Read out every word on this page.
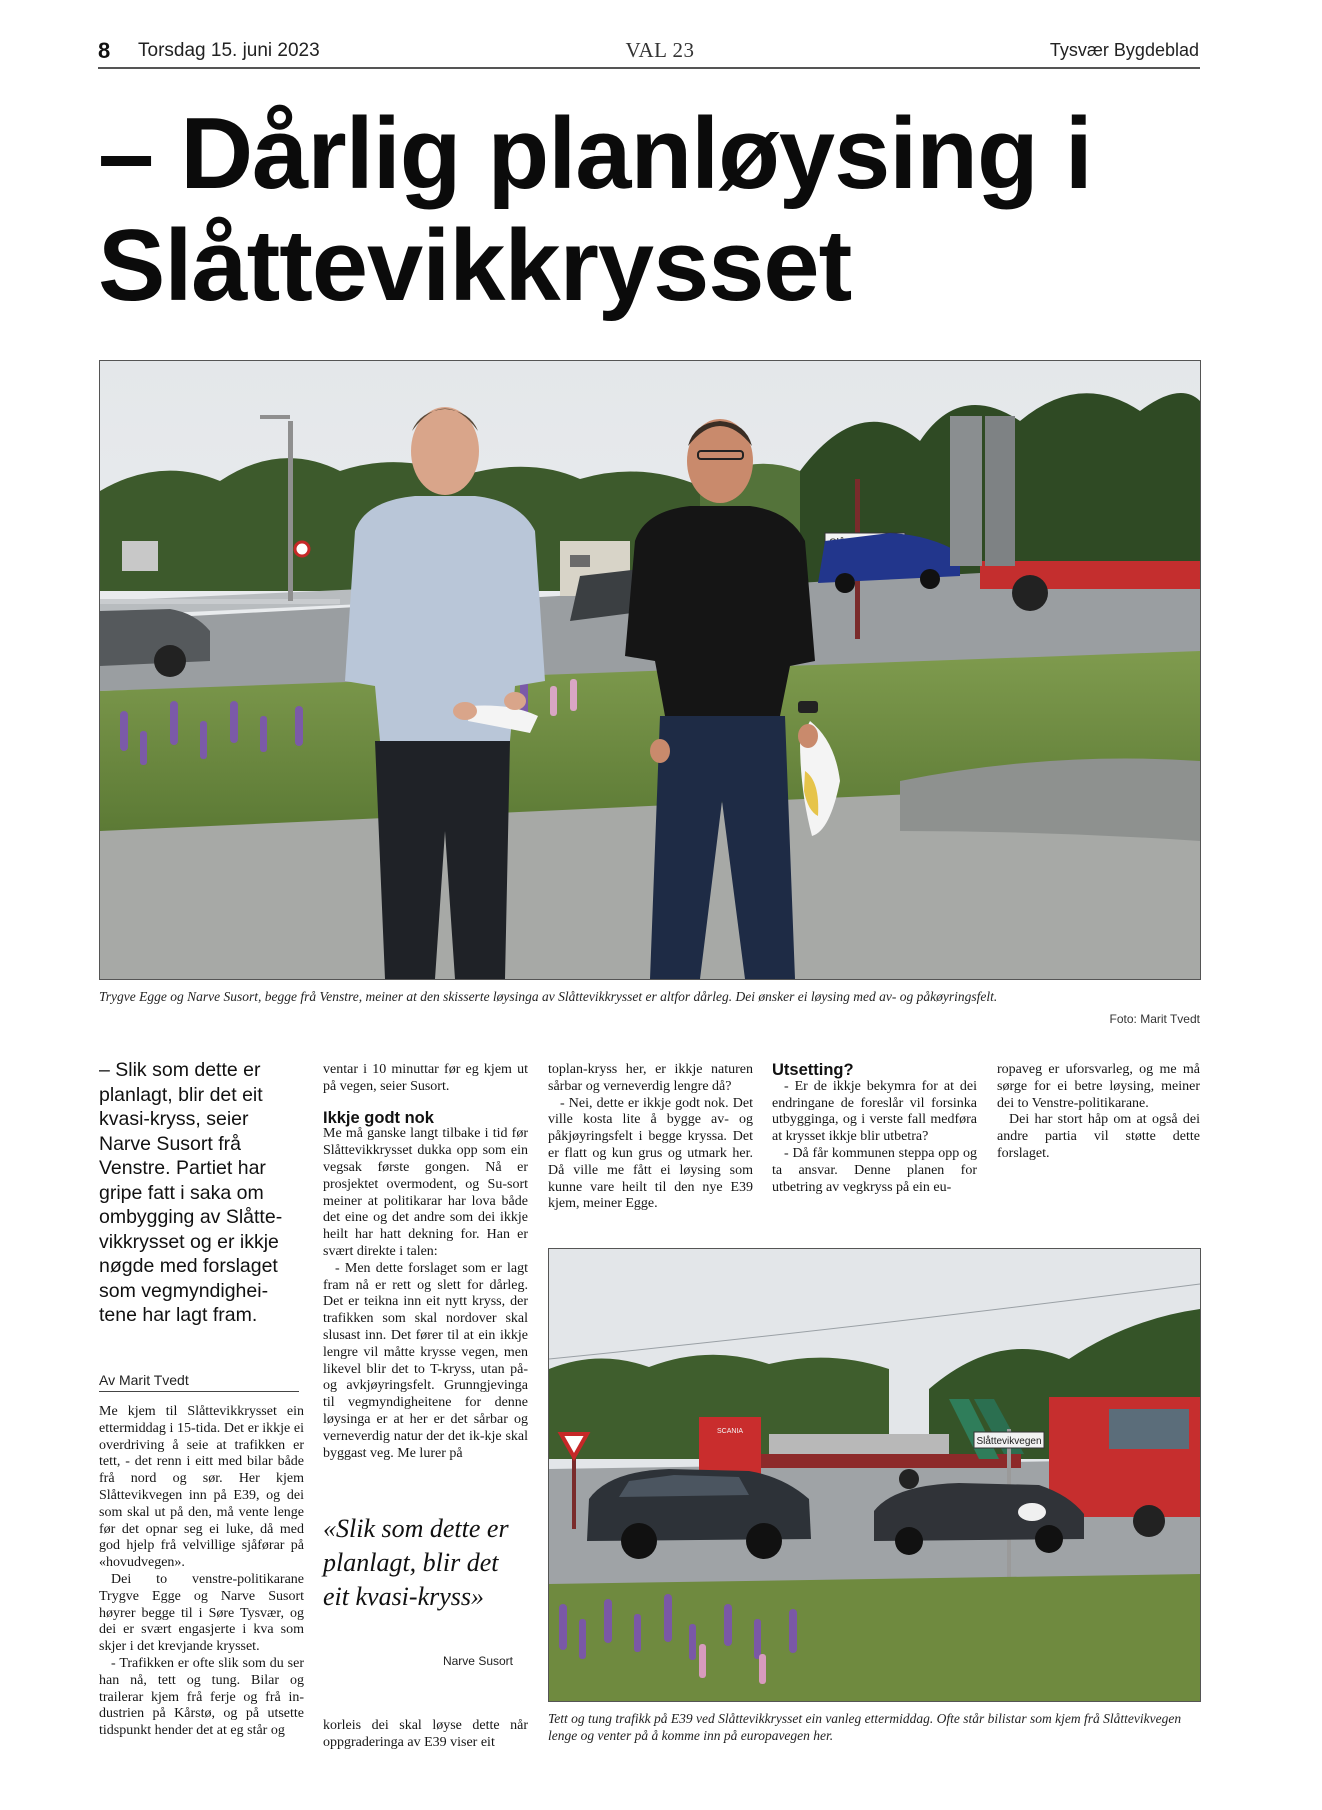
8 Torsdag 15. juni 2023	VAL 23	Tysvær Bygdeblad
– Dårlig planløysing i Slåttevikkrysset
Trygve Egge og Narve Susort, begge frå Venstre, meiner at den skisserte løysinga av Slåttevikkrysset er altfor dårleg. Dei ønsker ei løysing med av- og påkøyringsfelt.
Foto: Marit Tvedt
– Slik som dette er planlagt, blir det eit kvasi-kryss, seier Narve Susort frå Venstre. Partiet har gripe fatt i saka om ombygging av Slåtte-vikkrysset og er ikkje nøgde med forslaget som vegmyndighei-tene har lagt fram.
Av Marit Tvedt

Me kjem til Slåttevikkrysset ein ettermiddag i 15-tida. Det er ikkje ei overdriving å seie at trafikken er tett, - det renn i eitt med bilar både frå nord og sør. Her kjem Slåttevikvegen inn på E39, og dei som skal ut på den, må vente lenge før det opnar seg ei luke, då med god hjelp frå velvillige sjåførar på «hovudvegen».

Dei to venstre-politikarane Trygve Egge og Narve Susort høyrer begge til i Søre Tysvær, og dei er svært engasjerte i kva som skjer i det krevjande krysset.

- Trafikken er ofte slik som du ser han nå, tett og tung. Bilar og trailerar kjem frå ferje og frå in-dustrien på Kårstø, og på utsette tidspunkt hender det at eg står og

ventar i 10 minuttar før eg kjem ut på vegen, seier Susort.

Ikkje godt nok

Me må ganske langt tilbake i tid før Slåttevikkrysset dukka opp som ein vegsak første gongen. Nå er prosjektet overmodent, og Su-sort meiner at politikarar har lova både det eine og det andre som dei ikkje heilt har hatt dekning for. Han er svært direkte i talen:

- Men dette forslaget som er lagt fram nå er rett og slett for dårleg. Det er teikna inn eit nytt kryss, der trafikken som skal nordover skal slusast inn. Det fører til at ein ikkje lengre vil måtte krysse vegen, men likevel blir det to T-kryss, utan på- og avkjøyringsfelt. Grunngjevinga til vegmyndigheitene for denne løysinga er at her er det sårbar og verneverdig natur der det ik-kje skal byggast veg. Me lurer på

«Slik som dette er planlagt, blir det eit kvasi-kryss»
Narve Susort

korleis dei skal løyse dette når oppgraderinga av E39 viser eit

toplan-kryss her, er ikkje naturen sårbar og verneverdig lengre då?

- Nei, dette er ikkje godt nok. Det ville kosta lite å bygge av- og påkjøyringsfelt i begge kryssa. Det er flatt og kun grus og utmark her. Då ville me fått ei løysing som kunne vare heilt til den nye E39 kjem, meiner Egge.

Utsetting?

- Er de ikkje bekymra for at dei endringane de foreslår vil forsinka utbygginga, og i verste fall medføra at krysset ikkje blir utbetra?

- Då får kommunen steppa opp og ta ansvar. Denne planen for utbetring av vegkryss på ein eu-

ropaveg er uforsvarleg, og me må sørge for ei betre løysing, meiner dei to Venstre-politikarane.

Dei har stort håp om at også dei andre partia vil støtte dette forslaget.

SCANIA
Slåttevikvegen
Tett og tung trafikk på E39 ved Slåttevikkrysset ein vanleg ettermiddag. Ofte står bilistar som kjem frå Slåttevikvegen lenge og venter på å komme inn på europavegen her.
